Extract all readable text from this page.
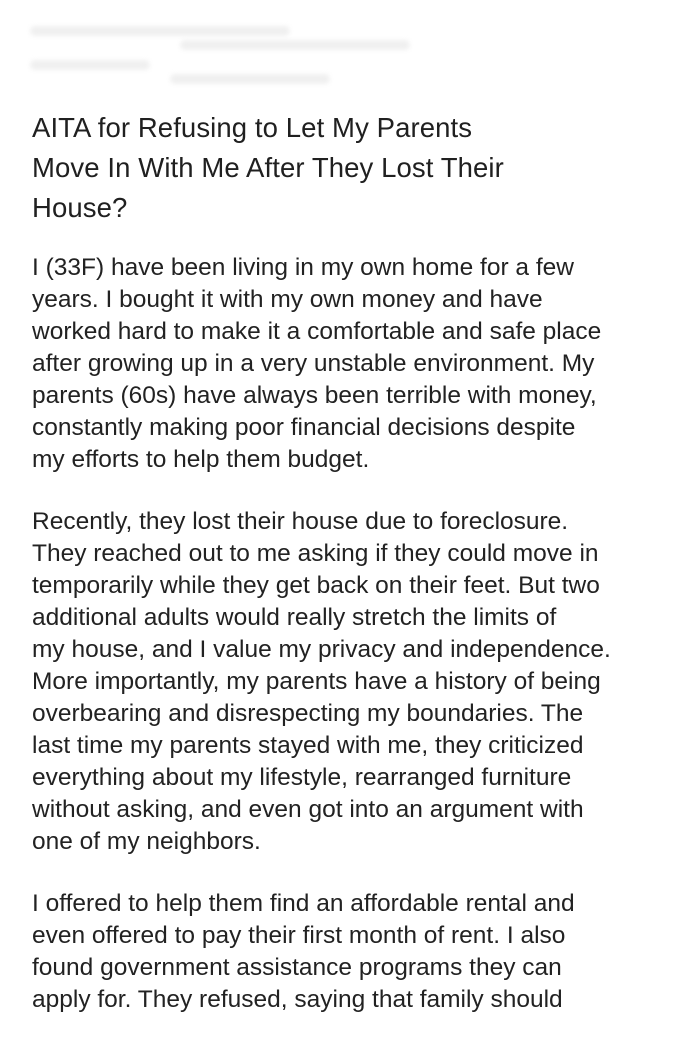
AITA for Refusing to Let My Parents
Move In With Me After They Lost Their
House?

I (33F) have been living in my own home for a few
years. I bought it with my own money and have
worked hard to make it a comfortable and safe place
after growing up in a very unstable environment. My
parents (60s) have always been terrible with money,
constantly making poor financial decisions despite
my efforts to help them budget.

Recently, they lost their house due to foreclosure.
They reached out to me asking if they could move in
temporarily while they get back on their feet. But two
additional adults would really stretch the limits of
my house, and I value my privacy and independence.
More importantly, my parents have a history of being
overbearing and disrespecting my boundaries. The
last time my parents stayed with me, they criticized
everything about my lifestyle, rearranged furniture
without asking, and even got into an argument with
one of my neighbors.

I offered to help them find an affordable rental and
even offered to pay their first month of rent. I also
found government assistance programs they can
apply for. They refused, saying that family should
